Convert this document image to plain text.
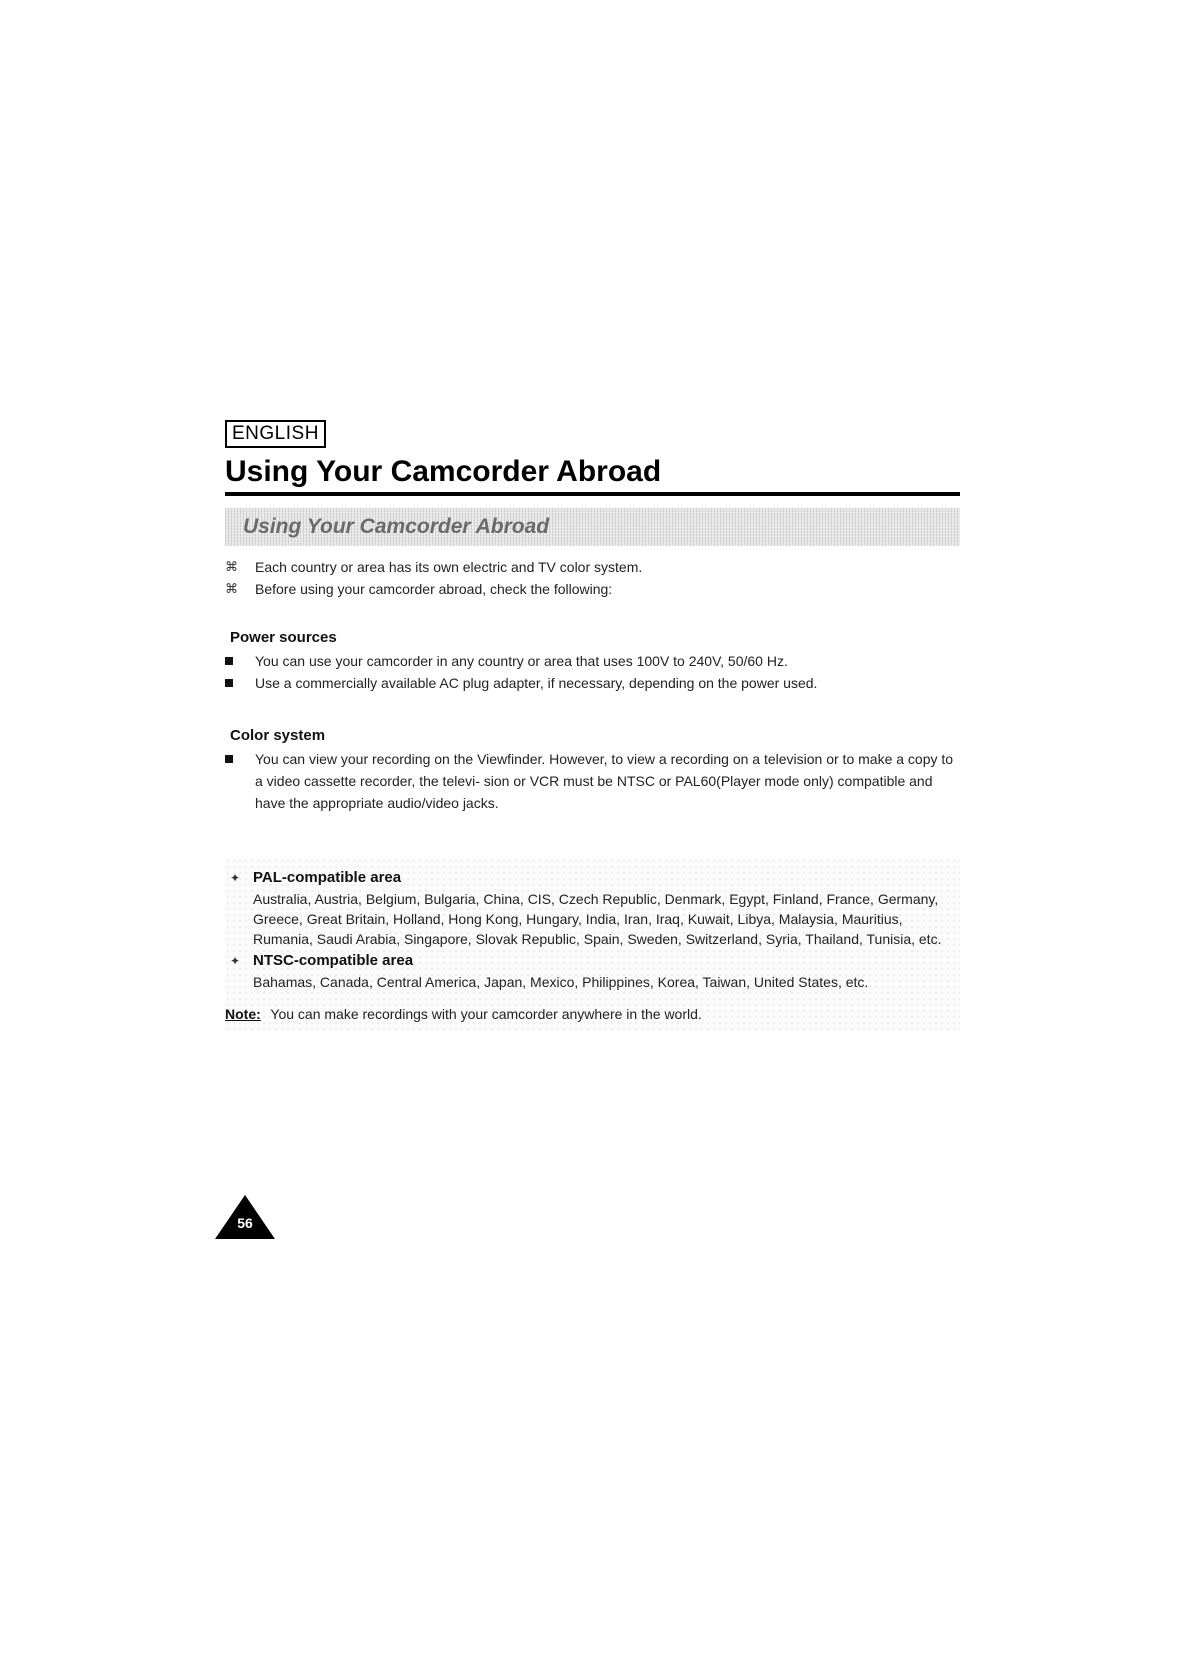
ENGLISH
Using Your Camcorder Abroad
Using Your Camcorder Abroad
⌘	Each country or area has its own electric and TV color system.
⌘	Before using your camcorder abroad, check the following:
Power sources
You can use your camcorder in any country or area that uses 100V to 240V, 50/60 Hz.
Use a commercially available AC plug adapter, if necessary, depending on the power used.
Color system
You can view your recording on the Viewfinder. However, to view a recording on a television or to make a copy to a video cassette recorder, the televi- sion or VCR must be NTSC or PAL60(Player mode only) compatible and have the appropriate audio/video jacks.
✦ PAL-compatible area
Australia, Austria, Belgium, Bulgaria, China, CIS, Czech Republic, Denmark, Egypt, Finland, France, Germany, Greece, Great Britain, Holland, Hong Kong, Hungary, India, Iran, Iraq, Kuwait, Libya, Malaysia, Mauritius, Rumania, Saudi Arabia, Singapore, Slovak Republic, Spain, Sweden, Switzerland, Syria, Thailand, Tunisia, etc.
✦ NTSC-compatible area
Bahamas, Canada, Central America, Japan, Mexico, Philippines, Korea, Taiwan, United States, etc.
Note: You can make recordings with your camcorder anywhere in the world.
56
